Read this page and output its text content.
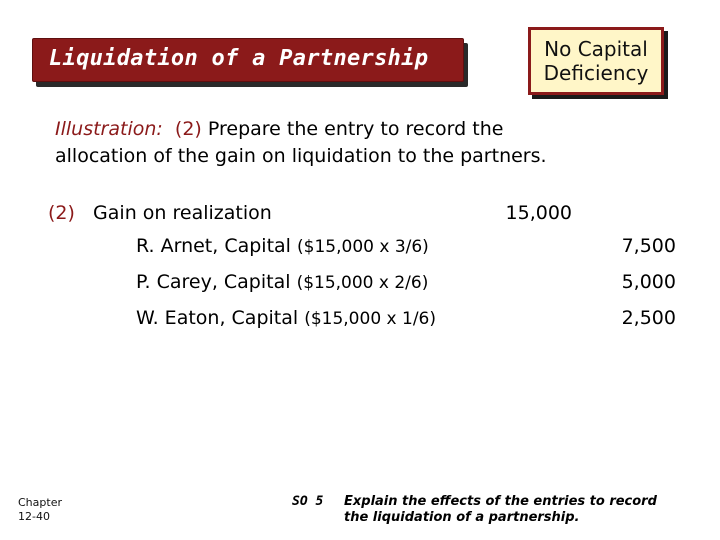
Liquidation of a Partnership	No Capital Deficiency
Illustration: (2) Prepare the entry to record the
allocation of the gain on liquidation to the partners.
(2) Gain on realization	15,000
R. Arnet, Capital ($15,000 x 3/6)	7,500
P. Carey, Capital ($15,000 x 2/6)	5,000
W. Eaton, Capital ($15,000 x 1/6)	2,500
Chapter
12-40
SO 5 Explain the effects of the entries to record
the liquidation of a partnership.
